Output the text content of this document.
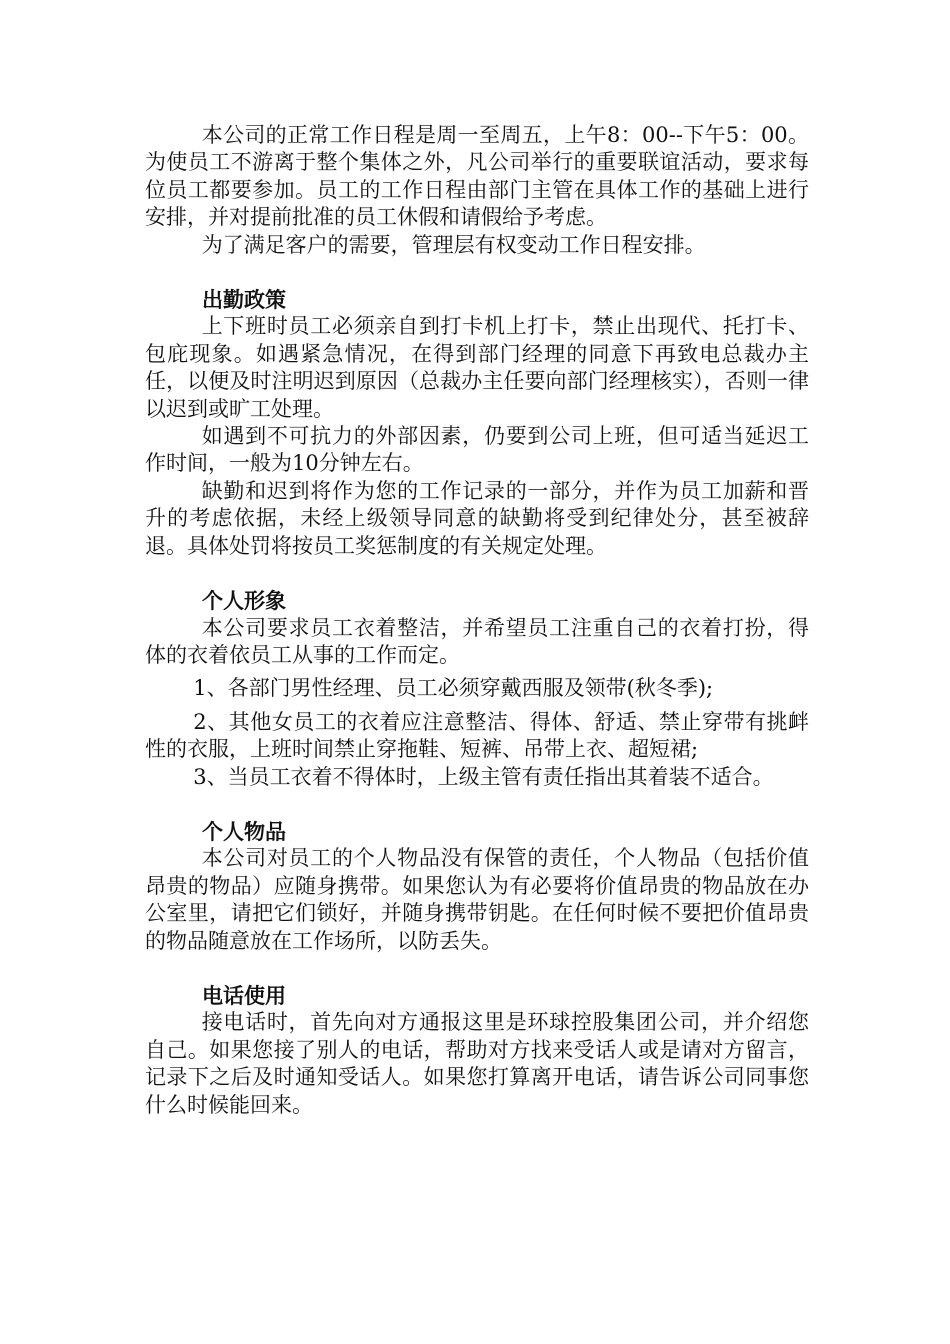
本公司的正常工作日程是周一至周五，上午8：00--下午5：00。为使员工不游离于整个集体之外，凡公司举行的重要联谊活动，要求每位员工都要参加。员工的工作日程由部门主管在具体工作的基础上进行安排，并对提前批准的员工休假和请假给予考虑。

为了满足客户的需要，管理层有权变动工作日程安排。

出勤政策

上下班时员工必须亲自到打卡机上打卡，禁止出现代、托打卡、包庇现象。如遇紧急情况，在得到部门经理的同意下再致电总裁办主任，以便及时注明迟到原因（总裁办主任要向部门经理核实），否则一律以迟到或旷工处理。

如遇到不可抗力的外部因素，仍要到公司上班，但可适当延迟工作时间，一般为10分钟左右。

缺勤和迟到将作为您的工作记录的一部分，并作为员工加薪和晋升的考虑依据，未经上级领导同意的缺勤将受到纪律处分，甚至被辞退。具体处罚将按员工奖惩制度的有关规定处理。

个人形象

本公司要求员工衣着整洁，并希望员工注重自己的衣着打扮，得体的衣着依员工从事的工作而定。

1、各部门男性经理、员工必须穿戴西服及领带(秋冬季);

2、其他女员工的衣着应注意整洁、得体、舒适、禁止穿带有挑衅性的衣服，上班时间禁止穿拖鞋、短裤、吊带上衣、超短裙;

3、当员工衣着不得体时，上级主管有责任指出其着装不适合。

个人物品

本公司对员工的个人物品没有保管的责任，个人物品（包括价值昂贵的物品）应随身携带。如果您认为有必要将价值昂贵的物品放在办公室里，请把它们锁好，并随身携带钥匙。在任何时候不要把价值昂贵的物品随意放在工作场所，以防丢失。

电话使用

接电话时，首先向对方通报这里是环球控股集团公司，并介绍您自己。如果您接了别人的电话，帮助对方找来受话人或是请对方留言，记录下之后及时通知受话人。如果您打算离开电话，请告诉公司同事您什么时候能回来。
